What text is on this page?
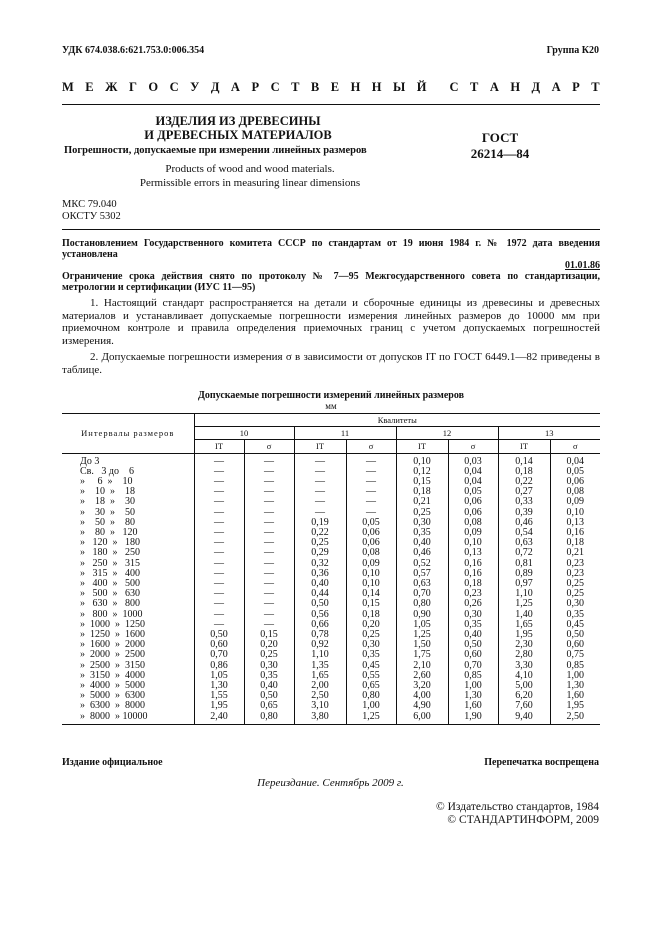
УДК 674.038.6:621.753.0:006.354	Группа К20
М Е Ж Г О С У Д А Р С Т В Е Н Н Ы Й С Т А Н Д А Р Т
ИЗДЕЛИЯ ИЗ ДРЕВЕСИНЫ
И ДРЕВЕСНЫХ МАТЕРИАЛОВ
Погрешности, допускаемые при измерении линейных размеров
ГОСТ
26214—84
Products of wood and wood materials.
Permissible errors in measuring linear dimensions
МКС 79.040
ОКСТУ 5302
Постановлением Государственного комитета СССР по стандартам от 19 июня 1984 г. № 1972 дата введения установлена
01.01.86
Ограничение срока действия снято по протоколу № 7—95 Межгосударственного совета по стандартизации, метрологии и сертификации (ИУС 11—95)
1. Настоящий стандарт распространяется на детали и сборочные единицы из древесины и древесных материалов и устанавливает допускаемые погрешности измерения линейных размеров до 10000 мм при приемочном контроле и правила определения приемочных границ с учетом допускаемых погрешностей измерения.
2. Допускаемые погрешности измерения σ в зависимости от допусков IT по ГОСТ 6449.1—82 приведены в таблице.
Допускаемые погрешности измерений линейных размеров
мм
Интервалы размеров	Квалитеты							
	10		11		12		13	
	IT	σ	IT	σ	IT	σ	IT	σ
До 3	—	—	—	—	0,10	0,03	0,14	0,04
Св.   3 до    6	—	—	—	—	0,12	0,04	0,18	0,05
»     6  »    10	—	—	—	—	0,15	0,04	0,22	0,06
»    10  »    18	—	—	—	—	0,18	0,05	0,27	0,08
»    18  »    30	—	—	—	—	0,21	0,06	0,33	0,09
»    30  »    50	—	—	—	—	0,25	0,06	0,39	0,10
»    50  »    80	—	—	0,19	0,05	0,30	0,08	0,46	0,13
»    80  »   120	—	—	0,22	0,06	0,35	0,09	0,54	0,16
»   120  »   180	—	—	0,25	0,06	0,40	0,10	0,63	0,18
»   180  »   250	—	—	0,29	0,08	0,46	0,13	0,72	0,21
»   250  »   315	—	—	0,32	0,09	0,52	0,16	0,81	0,23
»   315  »   400	—	—	0,36	0,10	0,57	0,16	0,89	0,23
»   400  »   500	—	—	0,40	0,10	0,63	0,18	0,97	0,25
»   500  »   630	—	—	0,44	0,14	0,70	0,23	1,10	0,25
»   630  »   800	—	—	0,50	0,15	0,80	0,26	1,25	0,30
»   800  »  1000	—	—	0,56	0,18	0,90	0,30	1,40	0,35
»  1000  »  1250	—	—	0,66	0,20	1,05	0,35	1,65	0,45
»  1250  »  1600	0,50	0,15	0,78	0,25	1,25	0,40	1,95	0,50
»  1600  »  2000	0,60	0,20	0,92	0,30	1,50	0,50	2,30	0,60
»  2000  »  2500	0,70	0,25	1,10	0,35	1,75	0,60	2,80	0,75
»  2500  »  3150	0,86	0,30	1,35	0,45	2,10	0,70	3,30	0,85
»  3150  »  4000	1,05	0,35	1,65	0,55	2,60	0,85	4,10	1,00
»  4000  »  5000	1,30	0,40	2,00	0,65	3,20	1,00	5,00	1,30
»  5000  »  6300	1,55	0,50	2,50	0,80	4,00	1,30	6,20	1,60
»  6300  »  8000	1,95	0,65	3,10	1,00	4,90	1,60	7,60	1,95
»  8000  » 10000	2,40	0,80	3,80	1,25	6,00	1,90	9,40	2,50
Издание официальное	Перепечатка воспрещена
Переиздание. Сентябрь 2009 г.
© Издательство стандартов, 1984
© СТАНДАРТИНФОРМ, 2009
